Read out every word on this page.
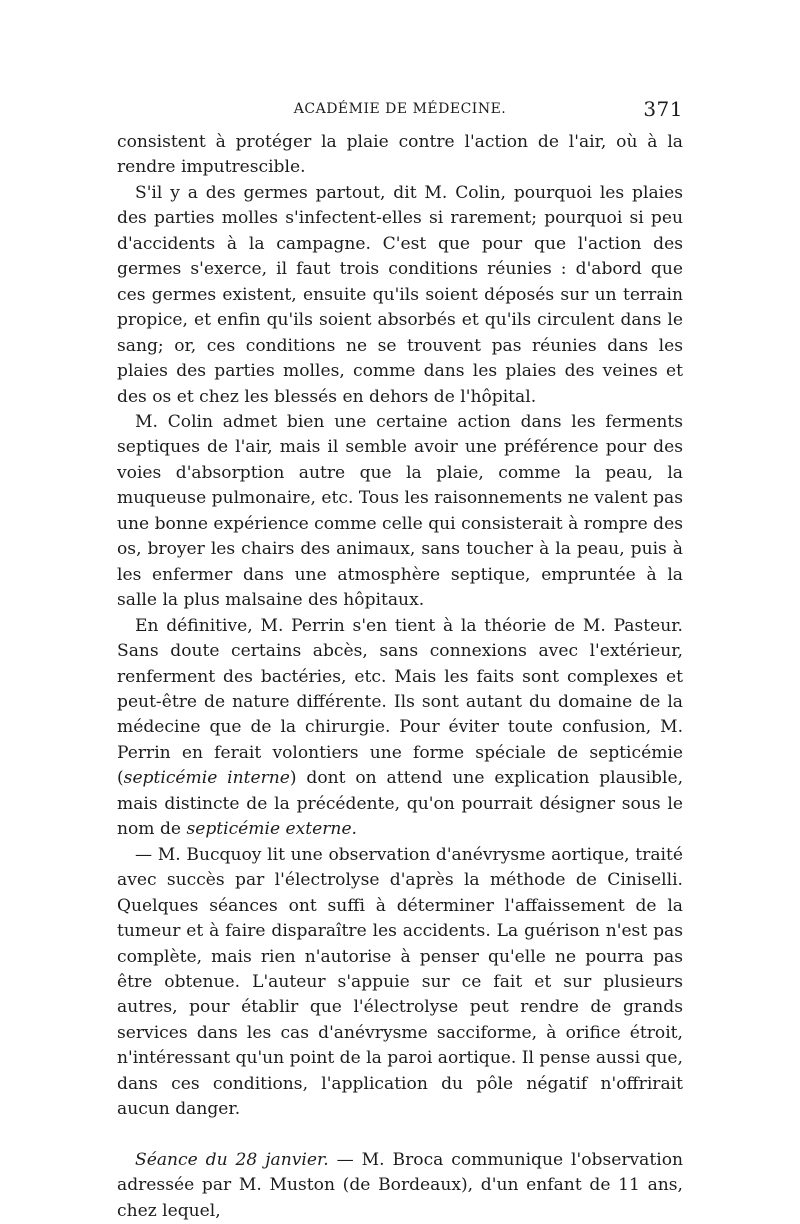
ACADÉMIE DE MÉDECINE.	371

consistent à protéger la plaie contre l'action de l'air, où à la rendre imputrescible.

S'il y a des germes partout, dit M. Colin, pourquoi les plaies des parties molles s'infectent-elles si rarement; pourquoi si peu d'accidents à la campagne. C'est que pour que l'action des germes s'exerce, il faut trois conditions réunies : d'abord que ces germes existent, ensuite qu'ils soient déposés sur un terrain propice, et enfin qu'ils soient absorbés et qu'ils circulent dans le sang; or, ces conditions ne se trouvent pas réunies dans les plaies des parties molles, comme dans les plaies des veines et des os et chez les blessés en dehors de l'hôpital.

M. Colin admet bien une certaine action dans les ferments septiques de l'air, mais il semble avoir une préférence pour des voies d'absorption autre que la plaie, comme la peau, la muqueuse pulmonaire, etc. Tous les raisonnements ne valent pas une bonne expérience comme celle qui consisterait à rompre des os, broyer les chairs des animaux, sans toucher à la peau, puis à les enfermer dans une atmosphère septique, empruntée à la salle la plus malsaine des hôpitaux.

En définitive, M. Perrin s'en tient à la théorie de M. Pasteur. Sans doute certains abcès, sans connexions avec l'extérieur, renferment des bactéries, etc. Mais les faits sont complexes et peut-être de nature différente. Ils sont autant du domaine de la médecine que de la chirurgie. Pour éviter toute confusion, M. Perrin en ferait volontiers une forme spéciale de septicémie (septicémie interne) dont on attend une explication plausible, mais distincte de la précédente, qu'on pourrait désigner sous le nom de septicémie externe.

— M. Bucquoy lit une observation d'anévrysme aortique, traité avec succès par l'électrolyse d'après la méthode de Ciniselli. Quelques séances ont suffi à déterminer l'affaissement de la tumeur et à faire disparaître les accidents. La guérison n'est pas complète, mais rien n'autorise à penser qu'elle ne pourra pas être obtenue. L'auteur s'appuie sur ce fait et sur plusieurs autres, pour établir que l'électrolyse peut rendre de grands services dans les cas d'anévrysme sacciforme, à orifice étroit, n'intéressant qu'un point de la paroi aortique. Il pense aussi que, dans ces conditions, l'application du pôle négatif n'offrirait aucun danger.

Séance du 28 janvier. — M. Broca communique l'observation adressée par M. Muston (de Bordeaux), d'un enfant de 11 ans, chez lequel,
